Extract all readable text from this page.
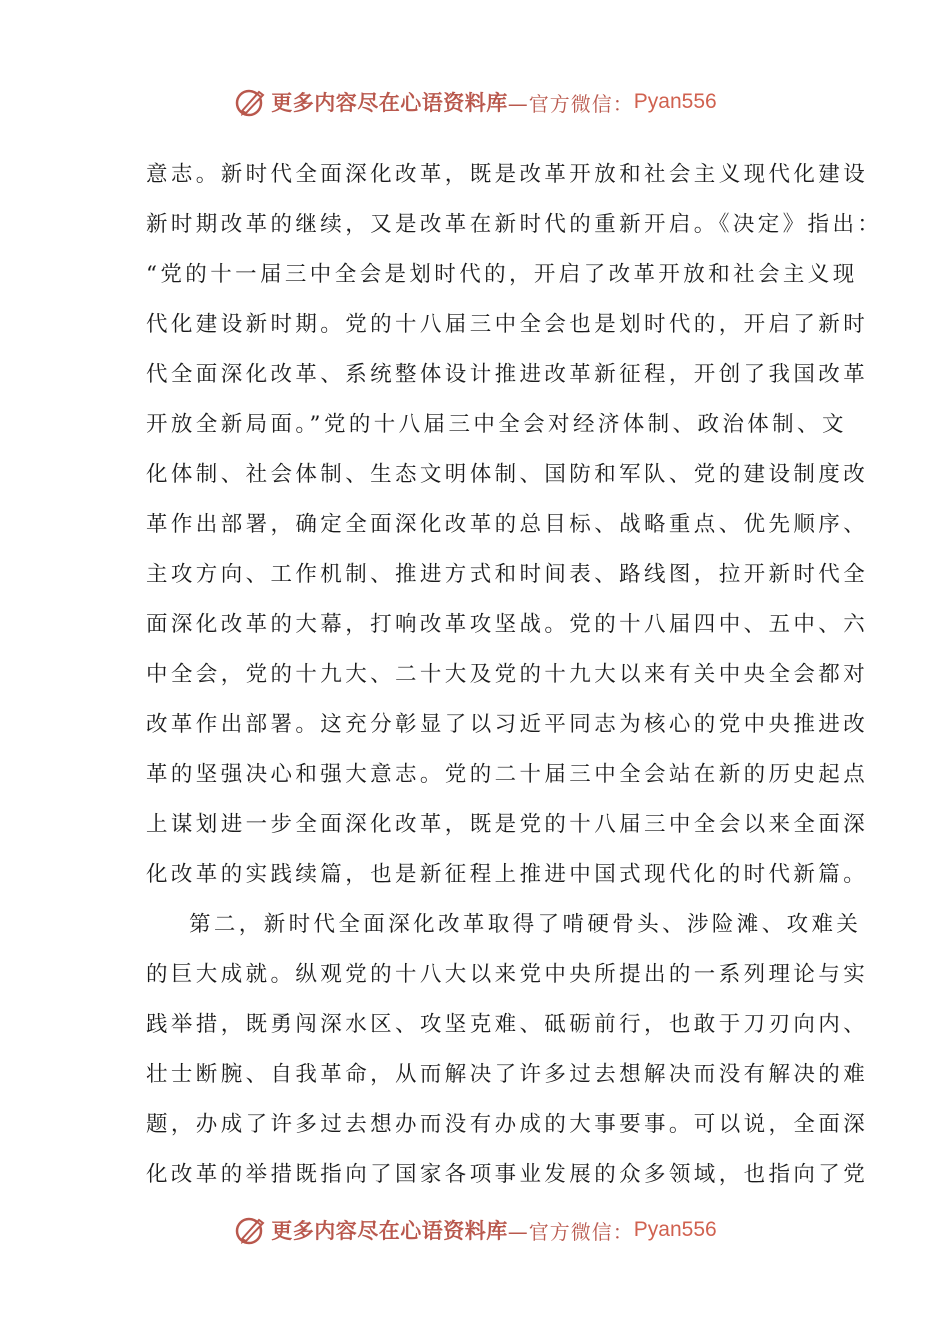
更多内容尽在心语资料库 —官方微信： Pyan556
意志。新时代全面深化改革，既是改革开放和社会主义现代化建设
新时期改革的继续，又是改革在新时代的重新开启。《决定》指出：
“党的十一届三中全会是划时代的，开启了改革开放和社会主义现
代化建设新时期。党的十八届三中全会也是划时代的，开启了新时
代全面深化改革、系统整体设计推进改革新征程，开创了我国改革
开放全新局面。”党的十八届三中全会对经济体制、政治体制、文
化体制、社会体制、生态文明体制、国防和军队、党的建设制度改
革作出部署，确定全面深化改革的总目标、战略重点、优先顺序、
主攻方向、工作机制、推进方式和时间表、路线图，拉开新时代全
面深化改革的大幕，打响改革攻坚战。党的十八届四中、五中、六
中全会，党的十九大、二十大及党的十九大以来有关中央全会都对
改革作出部署。这充分彰显了以习近平同志为核心的党中央推进改
革的坚强决心和强大意志。党的二十届三中全会站在新的历史起点
上谋划进一步全面深化改革，既是党的十八届三中全会以来全面深
化改革的实践续篇，也是新征程上推进中国式现代化的时代新篇。
第二，新时代全面深化改革取得了啃硬骨头、涉险滩、攻难关
的巨大成就。纵观党的十八大以来党中央所提出的一系列理论与实
践举措，既勇闯深水区、攻坚克难、砥砺前行，也敢于刀刃向内、
壮士断腕、自我革命，从而解决了许多过去想解决而没有解决的难
题，办成了许多过去想办而没有办成的大事要事。可以说，全面深
化改革的举措既指向了国家各项事业发展的众多领域，也指向了党
更多内容尽在心语资料库 —官方微信： Pyan556
